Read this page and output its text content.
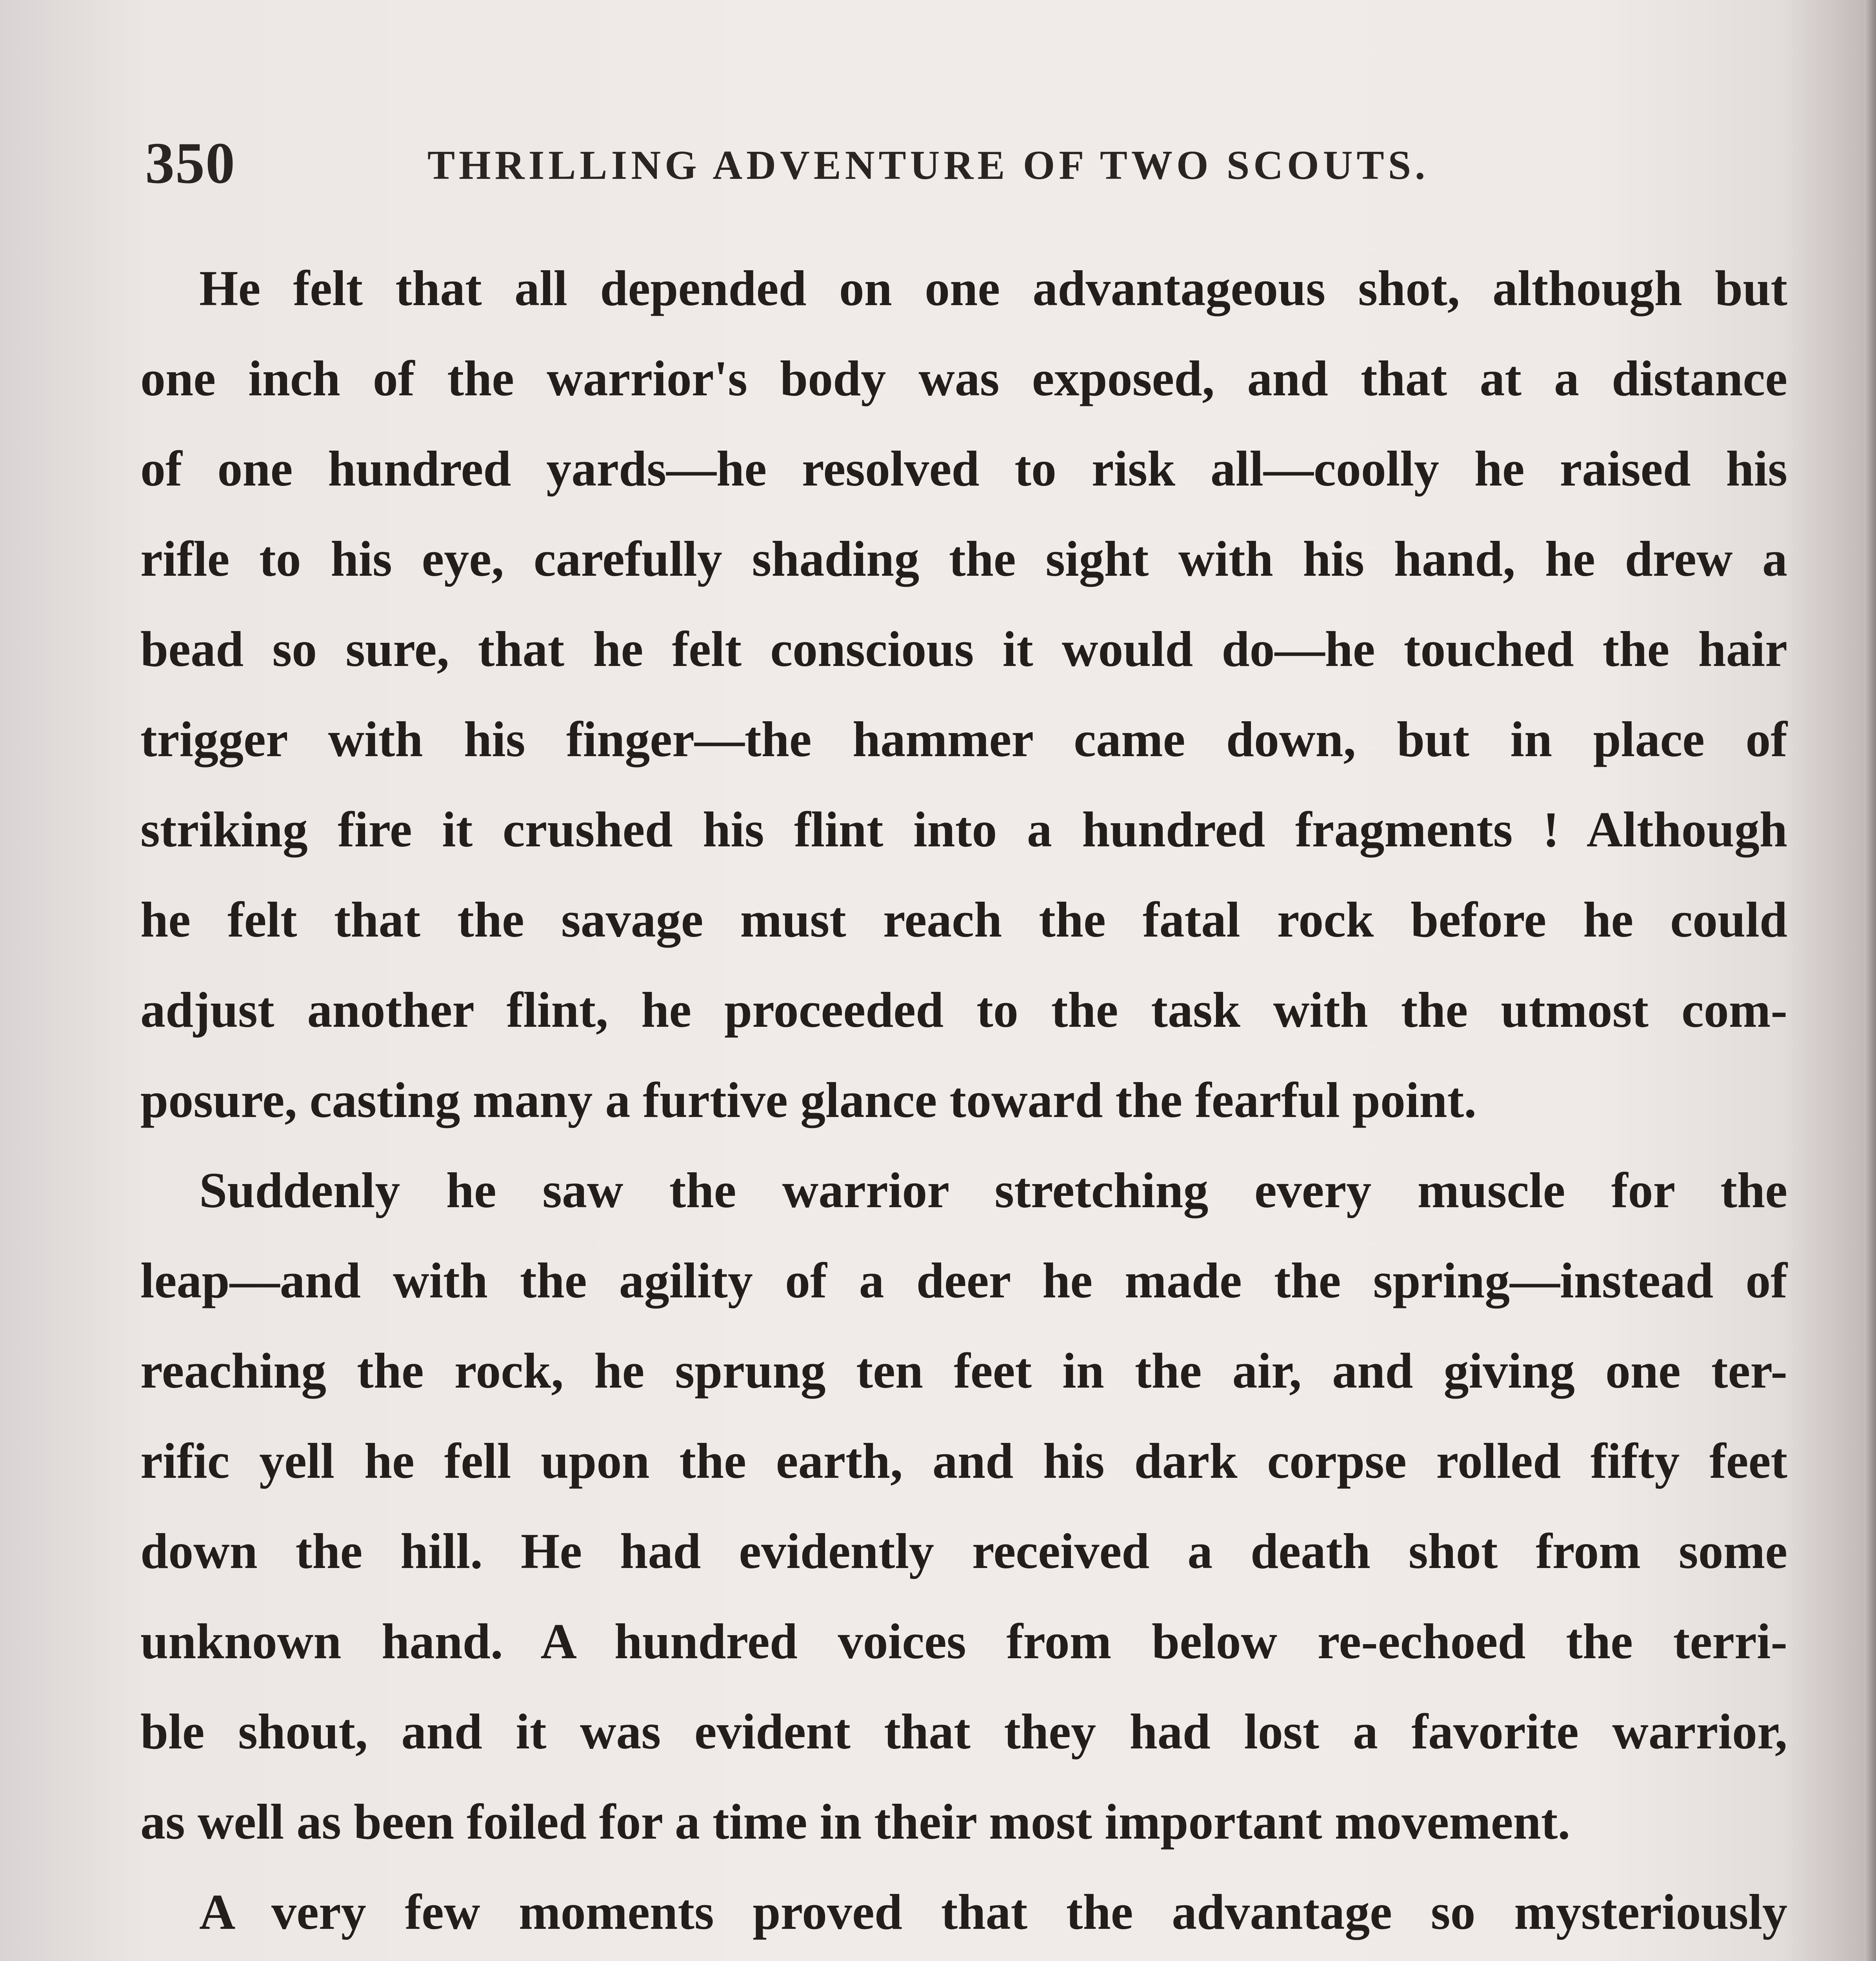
350	THRILLING ADVENTURE OF TWO SCOUTS.
He felt that all depended on one advantageous shot, although but
one inch of the warrior's body was exposed, and that at a distance
of one hundred yards—he resolved to risk all—coolly he raised his
rifle to his eye, carefully shading the sight with his hand, he drew a
bead so sure, that he felt conscious it would do—he touched the hair
trigger with his finger—the hammer came down, but in place of
striking fire it crushed his flint into a hundred fragments ! Although
he felt that the savage must reach the fatal rock before he could
adjust another flint, he proceeded to the task with the utmost com-
posure, casting many a furtive glance toward the fearful point.
Suddenly he saw the warrior stretching every muscle for the
leap—and with the agility of a deer he made the spring—instead of
reaching the rock, he sprung ten feet in the air, and giving one ter-
rific yell he fell upon the earth, and his dark corpse rolled fifty feet
down the hill. He had evidently received a death shot from some
unknown hand. A hundred voices from below re-echoed the terri-
ble shout, and it was evident that they had lost a favorite warrior,
as well as been foiled for a time in their most important movement.
A very few moments proved that the advantage so mysteriously
